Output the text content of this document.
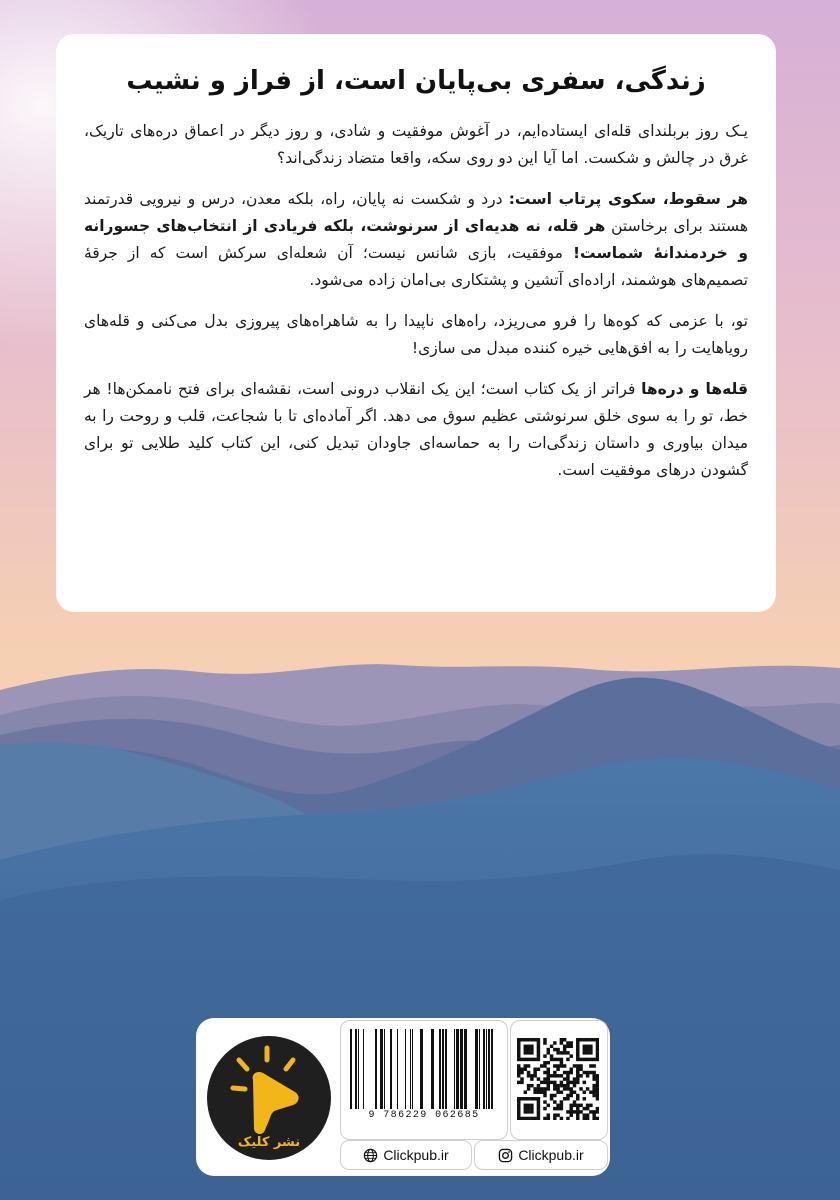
زندگی، سفری بی‌پایان است، از فراز و نشیب

یـک روز بربلندای قله‌ای ایستاده‌ایم، در آغوش موفقیت و شادی، و روز دیگر در اعماق دره‌های تاریک، غرق در چالش و شکست. اما آیا این دو روی سکه، واقعا متضاد زندگی‌اند؟

هر سقوط، سکوی پرتاب است: درد و شکست نه پایان، راه، بلکه معدن، درس و نیرویی قدرتمند هستند برای برخاستن هر قله، نه هدیه‌ای از سرنوشت، بلکه فریادی از انتخاب‌های جسورانه و خردمندانهٔ شماست! موفقیت، بازی شانس نیست؛ آن شعله‌ای سرکش است که از جرقهٔ تصمیم‌های هوشمند، اراده‌ای آتشین و پشتکاری بی‌امان زاده می‌شود.

تو، با عزمی که کوه‌ها را فرو می‌ریزد، راه‌های ناپیدا را به شاهراه‌های پیروزی بدل می‌کنی و قله‌های رویاهایت را به افق‌هایی خیره کننده مبدل می سازی!

قله‌ها و دره‌ها فراتر از یک کتاب است؛ این یک انقلاب درونی است، نقشه‌ای برای فتح ناممکن‌ها! هر خط، تو را به سوی خلق سرنوشتی عظیم سوق می دهد. اگر آماده‌ای تا با شجاعت، قلب و روحت را به میدان بیاوری و داستان زندگی‌ات را به حماسه‌ای جاودان تبدیل کنی، این کتاب کلید طلایی تو برای گشودن درهای موفقیت است.

نشر کلیک
9 786229 062685
Clickpub.ir	Clickpub.ir
